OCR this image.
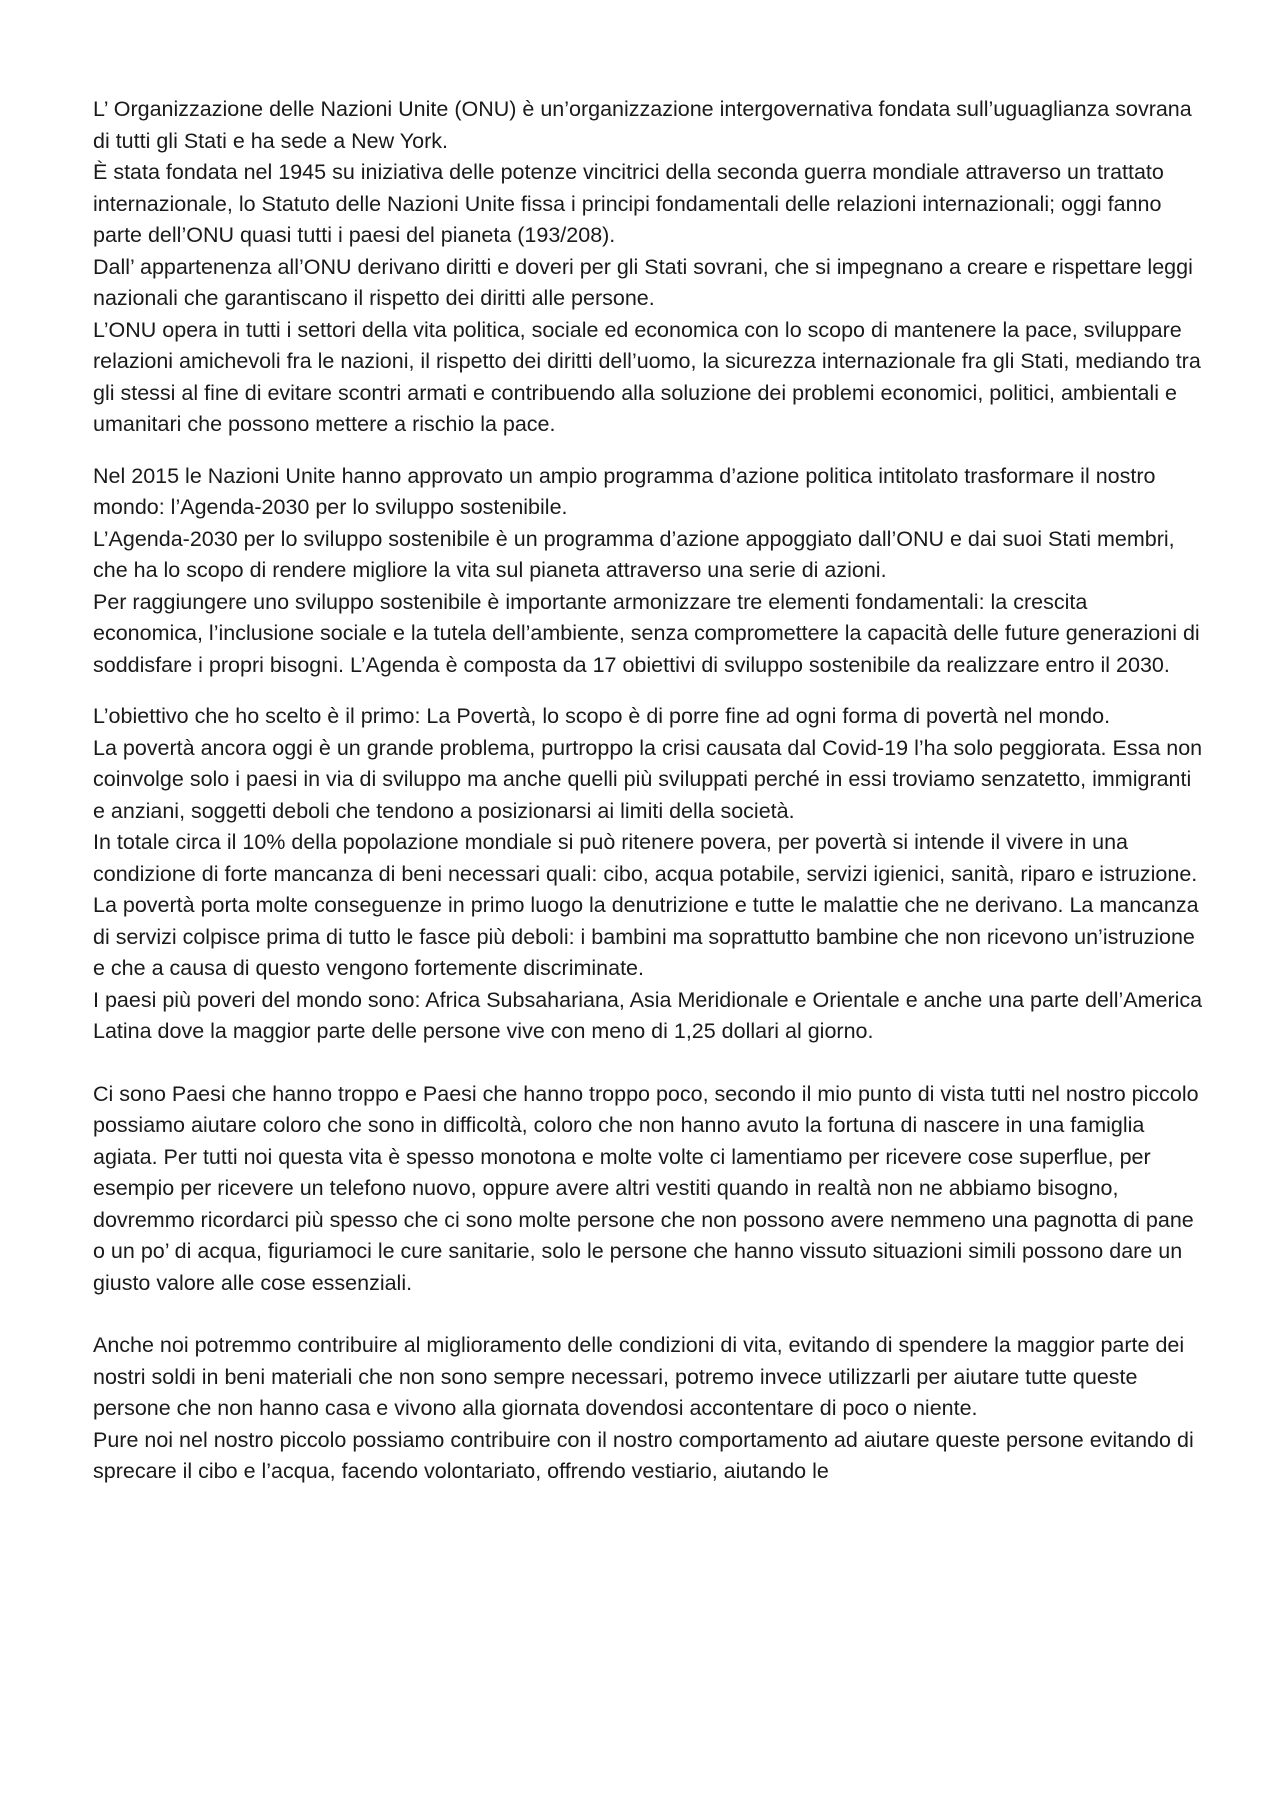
L’ Organizzazione delle Nazioni Unite (ONU) è un’organizzazione intergovernativa fondata sull’uguaglianza sovrana di tutti gli Stati e ha sede a New York.

È stata fondata nel 1945 su iniziativa delle potenze vincitrici della seconda guerra mondiale attraverso un trattato internazionale, lo Statuto delle Nazioni Unite fissa i principi fondamentali delle relazioni internazionali; oggi fanno parte dell’ONU quasi tutti i paesi del pianeta (193/208).

Dall’ appartenenza all’ONU derivano diritti e doveri per gli Stati sovrani, che si impegnano a creare e rispettare leggi nazionali che garantiscano il rispetto dei diritti alle persone.

L’ONU opera in tutti i settori della vita politica, sociale ed economica con lo scopo di mantenere la pace, sviluppare relazioni amichevoli fra le nazioni, il rispetto dei diritti dell’uomo, la sicurezza internazionale fra gli Stati, mediando tra gli stessi al fine di evitare scontri armati e contribuendo alla soluzione dei problemi economici, politici, ambientali e umanitari che possono mettere a rischio la pace.

Nel 2015 le Nazioni Unite hanno approvato un ampio programma d’azione politica intitolato trasformare il nostro mondo: l’Agenda-2030 per lo sviluppo sostenibile.

L’Agenda-2030 per lo sviluppo sostenibile è un programma d’azione appoggiato dall’ONU e dai suoi Stati membri, che ha lo scopo di rendere migliore la vita sul pianeta attraverso una serie di azioni.

Per raggiungere uno sviluppo sostenibile è importante armonizzare tre elementi fondamentali: la crescita economica, l’inclusione sociale e la tutela dell’ambiente, senza compromettere la capacità delle future generazioni di soddisfare i propri bisogni. L’Agenda è composta da 17 obiettivi di sviluppo sostenibile da realizzare entro il 2030.

L’obiettivo che ho scelto è il primo: La Povertà, lo scopo è di porre fine ad ogni forma di povertà nel mondo.

La povertà ancora oggi è un grande problema, purtroppo la crisi causata dal Covid-19 l’ha solo peggiorata. Essa non coinvolge solo i paesi in via di sviluppo ma anche quelli più sviluppati perché in essi troviamo senzatetto, immigranti e anziani, soggetti deboli che tendono a posizionarsi ai limiti della società.

In totale circa il 10% della popolazione mondiale si può ritenere povera, per povertà si intende il vivere in una condizione di forte mancanza di beni necessari quali: cibo, acqua potabile, servizi igienici, sanità, riparo e istruzione.

La povertà porta molte conseguenze in primo luogo la denutrizione e tutte le malattie che ne derivano. La mancanza di servizi colpisce prima di tutto le fasce più deboli: i bambini ma soprattutto bambine che non ricevono un’istruzione e che a causa di questo vengono fortemente discriminate.

I paesi più poveri del mondo sono: Africa Subsahariana, Asia Meridionale e Orientale e anche una parte dell’America Latina dove la maggior parte delle persone vive con meno di 1,25 dollari al giorno.

Ci sono Paesi che hanno troppo e Paesi che hanno troppo poco, secondo il mio punto di vista tutti nel nostro piccolo possiamo aiutare coloro che sono in difficoltà, coloro che non hanno avuto la fortuna di nascere in una famiglia agiata. Per tutti noi questa vita è spesso monotona e molte volte ci lamentiamo per ricevere cose superflue, per esempio per ricevere un telefono nuovo, oppure avere altri vestiti quando in realtà non ne abbiamo bisogno, dovremmo ricordarci più spesso che ci sono molte persone che non possono avere nemmeno una pagnotta di pane o un po’ di acqua, figuriamoci le cure sanitarie, solo le persone che hanno vissuto situazioni simili possono dare un giusto valore alle cose essenziali.

Anche noi potremmo contribuire al miglioramento delle condizioni di vita, evitando di spendere la maggior parte dei nostri soldi in beni materiali che non sono sempre necessari, potremo invece utilizzarli per aiutare tutte queste persone che non hanno casa e vivono alla giornata dovendosi accontentare di poco o niente.

Pure noi nel nostro piccolo possiamo contribuire con il nostro comportamento ad aiutare queste persone evitando di sprecare il cibo e l’acqua, facendo volontariato, offrendo vestiario, aiutando le
